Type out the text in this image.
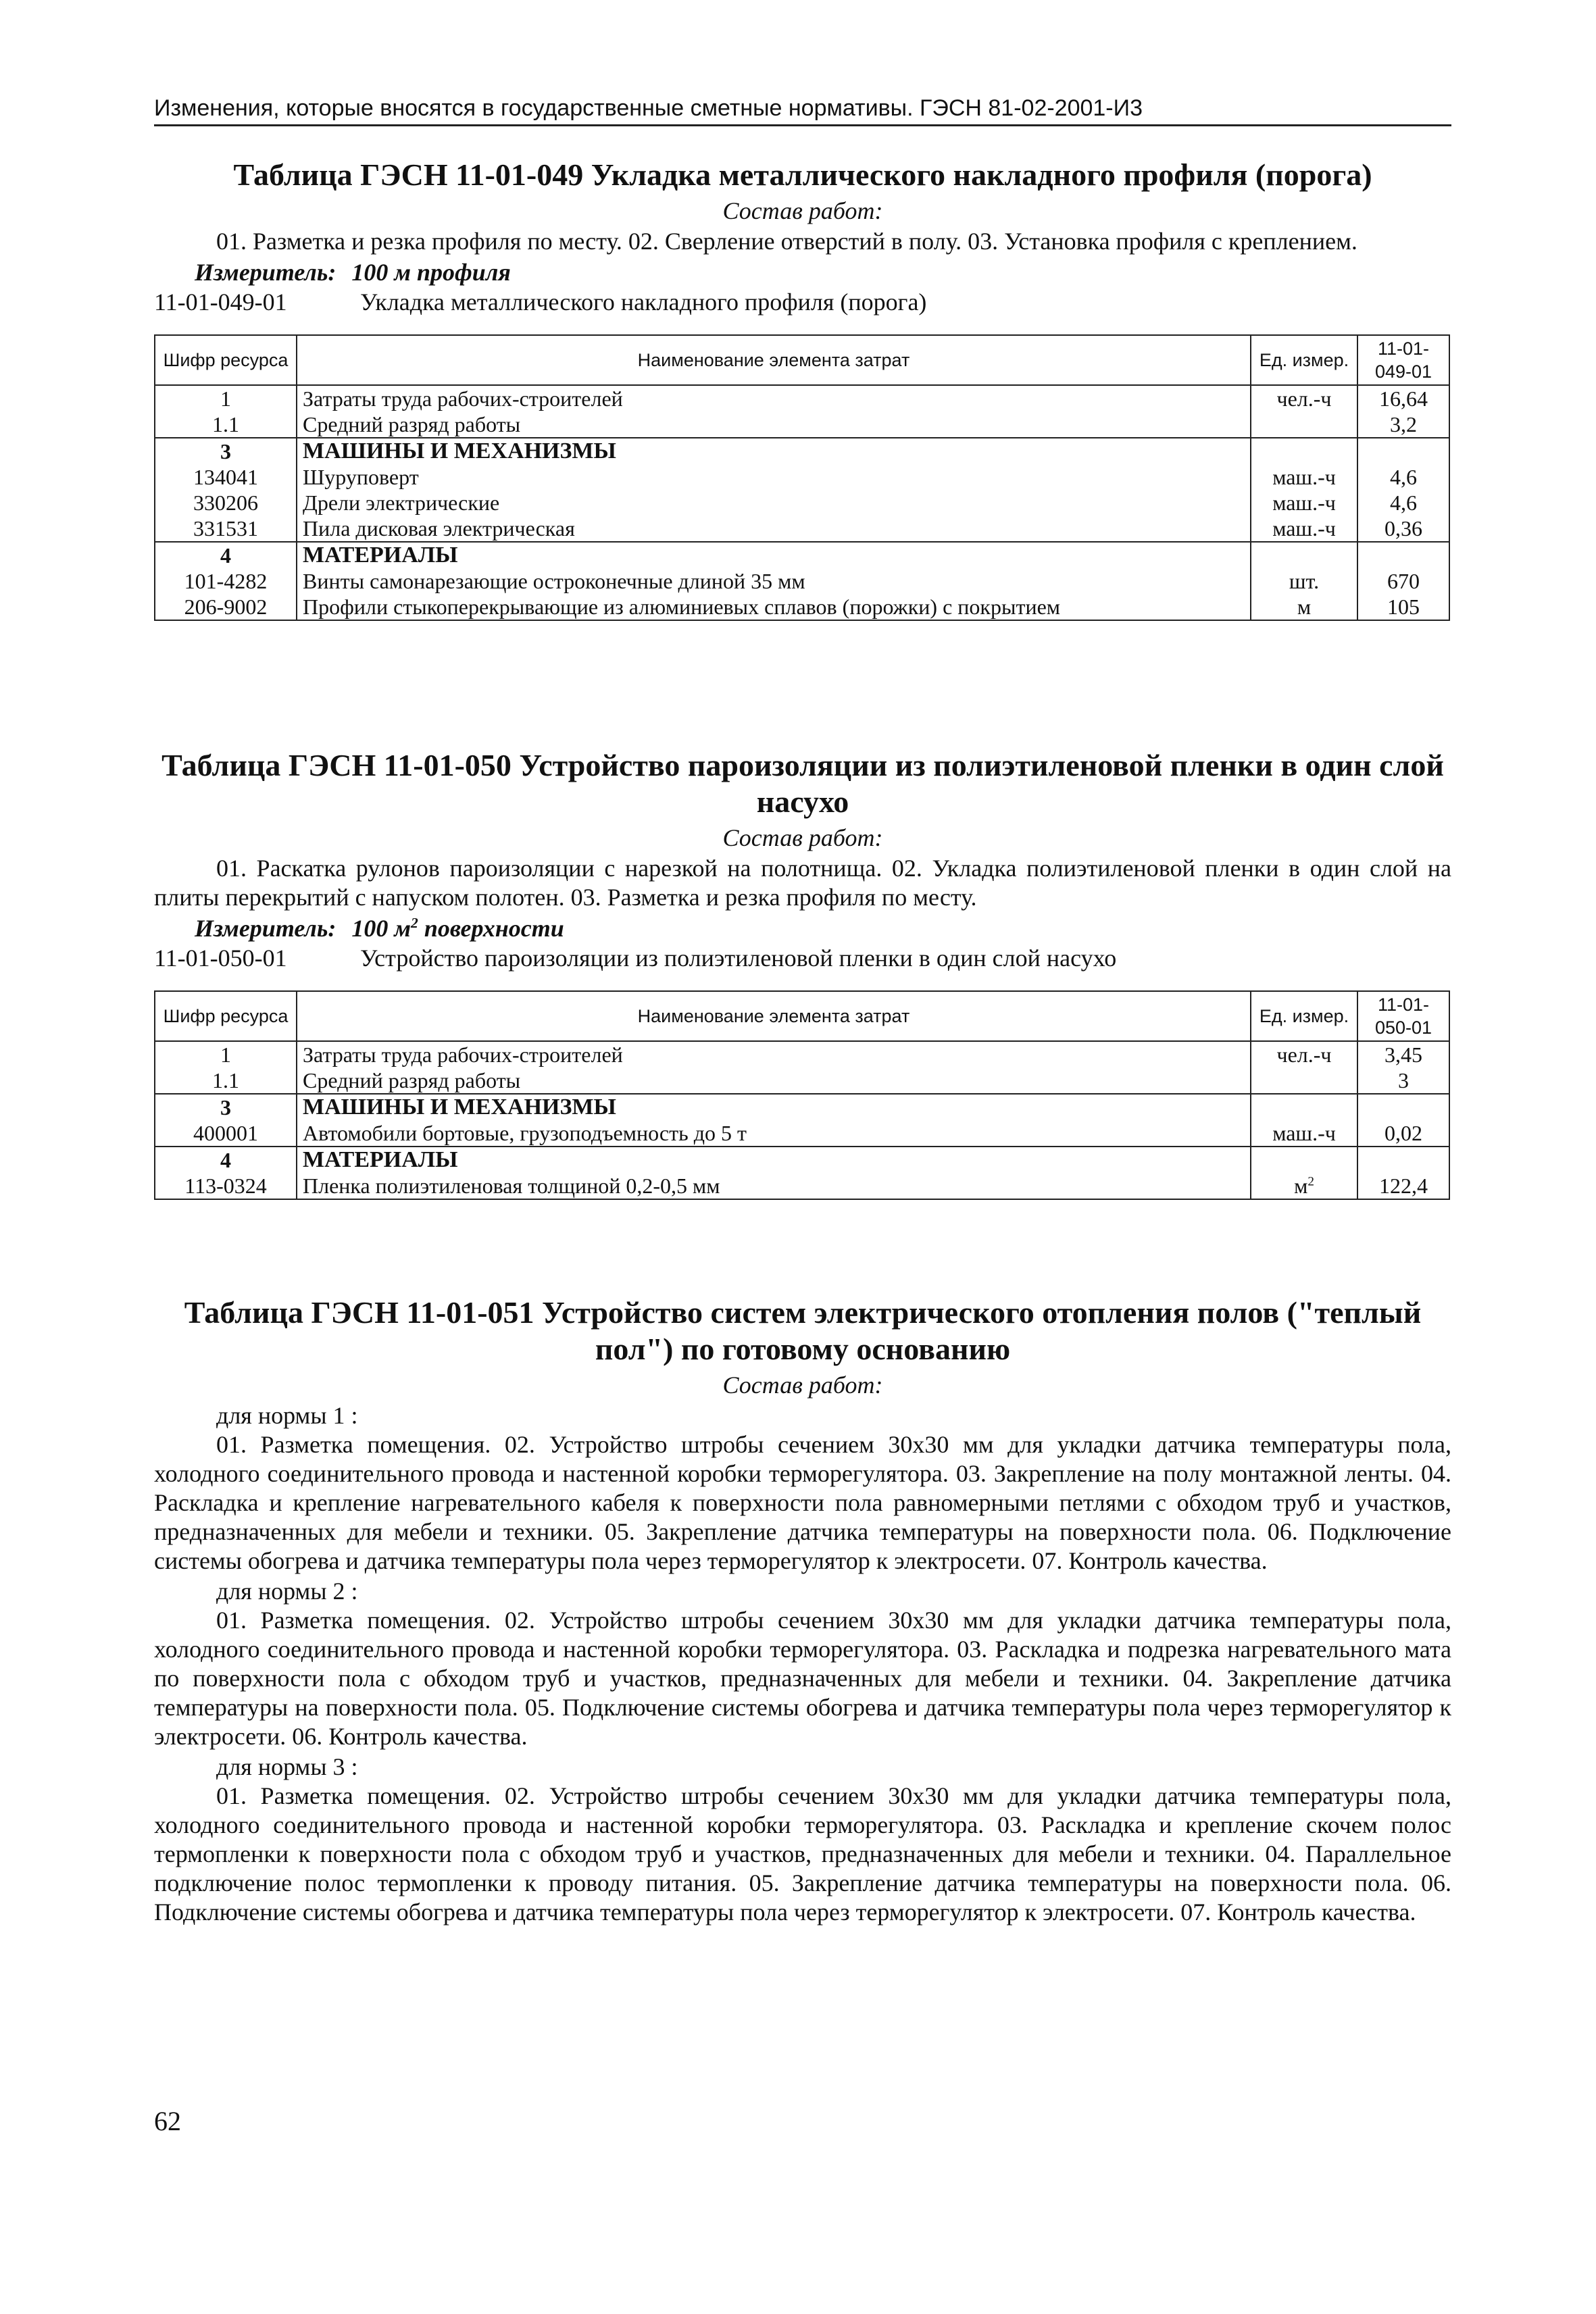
Изменения, которые вносятся в государственные сметные нормативы. ГЭСН 81-02-2001-И3
Таблица ГЭСН 11-01-049 Укладка металлического накладного профиля (порога)
Состав работ:

01. Разметка и резка профиля по месту. 02. Сверление отверстий в полу. 03. Установка профиля с креплением.

Измеритель: 100 м профиля
11-01-049-01	Укладка металлического накладного профиля (порога)
Шифр ресурса	Наименование элемента затрат	Ед. измер.	11-01-049-01
1	Затраты труда рабочих-строителей	чел.-ч	16,64
1.1	Средний разряд работы		3,2
3	МАШИНЫ И МЕХАНИЗМЫ		
134041	Шуруповерт	маш.-ч	4,6
330206	Дрели электрические	маш.-ч	4,6
331531	Пила дисковая электрическая	маш.-ч	0,36
4	МАТЕРИАЛЫ		
101-4282	Винты самонарезающие остроконечные длиной 35 мм	шт.	670
206-9002	Профили стыкоперекрывающие из алюминиевых сплавов (порожки) с покрытием	м	105
Таблица ГЭСН 11-01-050 Устройство пароизоляции из полиэтиленовой пленки в один слой насухо
Состав работ:

01. Раскатка рулонов пароизоляции с нарезкой на полотнища. 02. Укладка полиэтиленовой пленки в один слой на плиты перекрытий с напуском полотен. 03. Разметка и резка профиля по месту.

Измеритель: 100 $м^2$ поверхности
11-01-050-01	Устройство пароизоляции из полиэтиленовой пленки в один слой насухо
Шифр ресурса	Наименование элемента затрат	Ед. измер.	11-01-050-01
1	Затраты труда рабочих-строителей	чел.-ч	3,45
1.1	Средний разряд работы		3
3	МАШИНЫ И МЕХАНИЗМЫ		
400001	Автомобили бортовые, грузоподъемность до 5 т	маш.-ч	0,02
4	МАТЕРИАЛЫ		
113-0324	Пленка полиэтиленовая толщиной 0,2-0,5 мм	$м^2$	122,4
Таблица ГЭСН 11-01-051 Устройство систем электрического отопления полов ("теплый пол") по готовому основанию
Состав работ:
для нормы 1 :

01. Разметка помещения. 02. Устройство штробы сечением 30х30 мм для укладки датчика температуры пола, холодного соединительного провода и настенной коробки терморегулятора. 03. Закрепление на полу монтажной ленты. 04. Раскладка и крепление нагревательного кабеля к поверхности пола равномерными петлями с обходом труб и участков, предназначенных для мебели и техники. 05. Закрепление датчика температуры на поверхности пола. 06. Подключение системы обогрева и датчика температуры пола через терморегулятор к электросети. 07. Контроль качества.

для нормы 2 :

01. Разметка помещения. 02. Устройство штробы сечением 30х30 мм для укладки датчика температуры пола, холодного соединительного провода и настенной коробки терморегулятора. 03. Раскладка и подрезка нагревательного мата по поверхности пола с обходом труб и участков, предназначенных для мебели и техники. 04. Закрепление датчика температуры на поверхности пола. 05. Подключение системы обогрева и датчика температуры пола через терморегулятор к электросети. 06. Контроль качества.

для нормы 3 :

01. Разметка помещения. 02. Устройство штробы сечением 30х30 мм для укладки датчика температуры пола, холодного соединительного провода и настенной коробки терморегулятора. 03. Раскладка и крепление скочем полос термопленки к поверхности пола с обходом труб и участков, предназначенных для мебели и техники. 04. Параллельное подключение полос термопленки к проводу питания. 05. Закрепление датчика температуры на поверхности пола. 06. Подключение системы обогрева и датчика температуры пола через терморегулятор к электросети. 07. Контроль качества.

62
